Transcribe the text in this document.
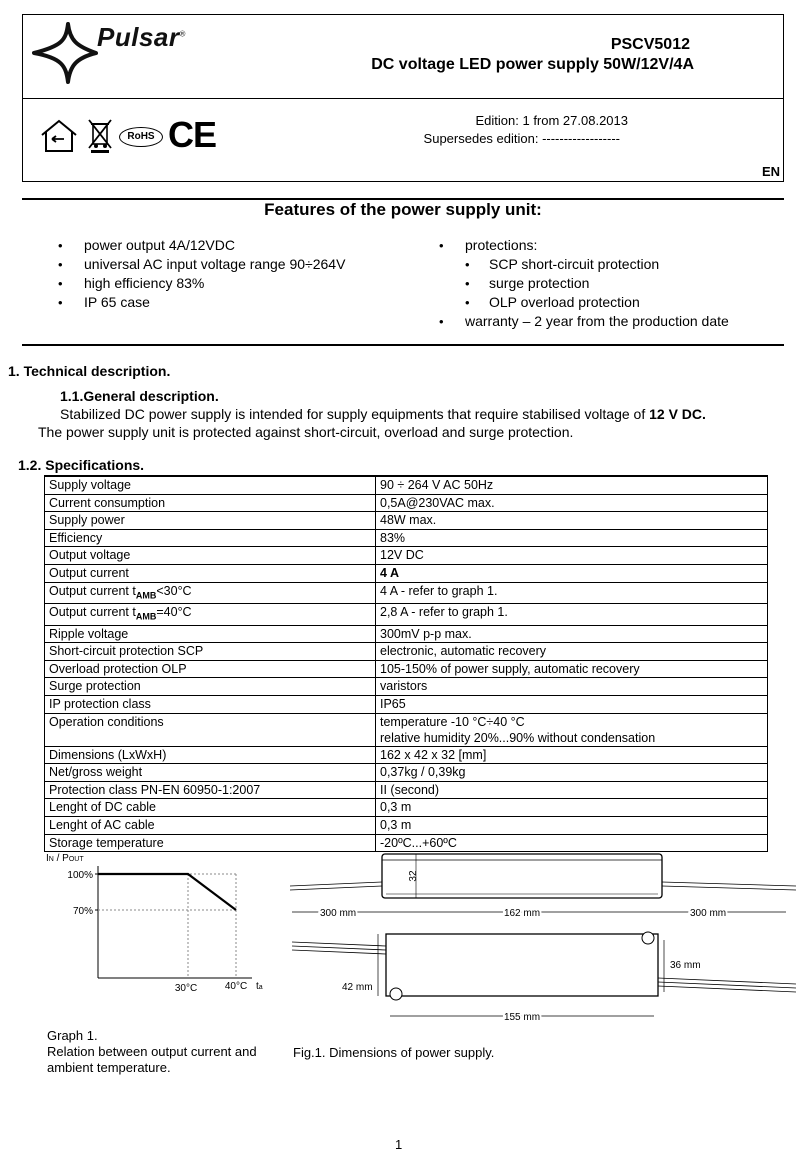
Pulsar®
PSCV5012
DC voltage LED power supply 50W/12V/4A
RoHS CE	Edition: 1 from 27.08.2013
Supersedes edition: ------------------
EN
Features of the power supply unit:
• power output 4A/12VDC
• universal AC input voltage range 90÷264V
• high efficiency 83%
• IP 65 case
• protections:
• SCP short-circuit protection
• surge protection
• OLP overload protection
• warranty – 2 year from the production date
1. Technical description.
1.1.General description.
Stabilized DC power supply is intended for supply equipments that require stabilised voltage of 12 V DC.
The power supply unit is protected against short-circuit, overload and surge protection.
1.2. Specifications.
Supply voltage	90 ÷ 264 V AC 50Hz
Current consumption	0,5A@230VAC max.
Supply power	48W max.
Efficiency	83%
Output voltage	12V DC
Output current	4 A
Output current $t_{AMB}<30^\circ C$	4 A - refer to graph 1.
Output current $t_{AMB}=40^\circ C$	2,8 A - refer to graph 1.
Ripple voltage	300mV p-p max.
Short-circuit protection SCP	electronic, automatic recovery
Overload protection OLP	105-150% of power supply, automatic recovery
Surge protection	varistors
IP protection class	IP65
Operation conditions	temperature -10 °C÷40 °C
relative humidity 20%...90% without condensation

Dimensions (LxWxH)	162 x 42 x 32 [mm]
Net/gross weight	0,37kg / 0,39kg
Protection class PN-EN 60950-1:2007	II (second)
Lenght of DC cable	0,3 m
Lenght of AC cable	0,3 m
Storage temperature	-20ºC...+60ºC
IN / POUT
100%
70%
30°C	40°C ta
Graph 1.
Relation between output current and
ambient temperature.
32
300 mm	162 mm	300 mm
42 mm
36 mm
155 mm
Fig.1. Dimensions of power supply.
1
